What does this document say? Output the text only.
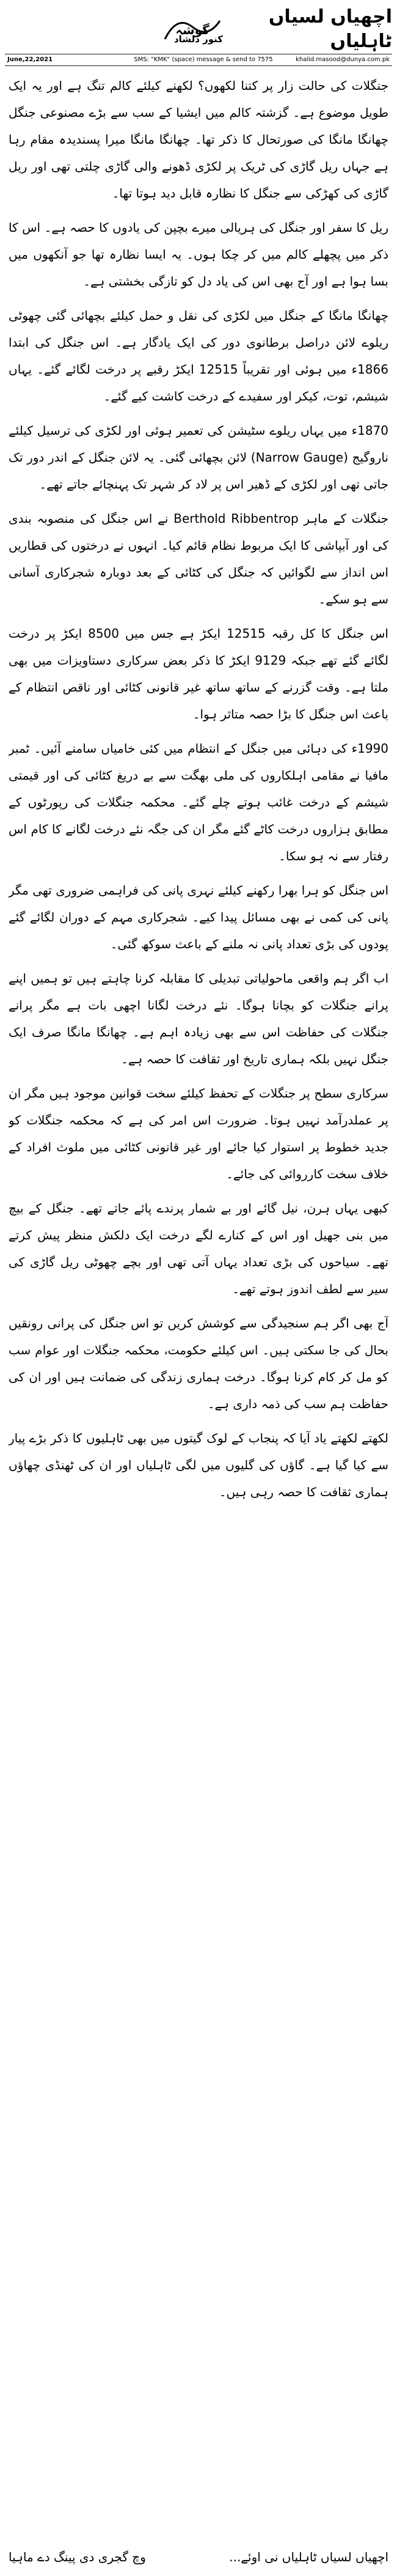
اچھیاں لسیاں ٹاہلیاں
گوشہ
کنور دلشاد
June,22,2021	SMS: "KMK" (space) message & send to 7575	khalid.masood@dunya.com.pk

جنگلات کی حالت زار پر کتنا لکھوں؟ لکھنے کیلئے کالم تنگ ہے اور یہ ایک طویل موضوع ہے۔ گزشتہ کالم میں ایشیا کے سب سے بڑے مصنوعی جنگل چھانگا مانگا کی صورتحال کا ذکر تھا۔ چھانگا مانگا میرا پسندیدہ مقام رہا ہے جہاں ریل گاڑی کی ٹریک پر لکڑی ڈھونے والی گاڑی چلتی تھی اور ریل گاڑی کی کھڑکی سے جنگل کا نظارہ قابل دید ہوتا تھا۔

ریل کا سفر اور جنگل کی ہریالی میرے بچپن کی یادوں کا حصہ ہے۔ اس کا ذکر میں پچھلے کالم میں کر چکا ہوں۔ یہ ایسا نظارہ تھا جو آنکھوں میں بسا ہوا ہے اور آج بھی اس کی یاد دل کو تازگی بخشتی ہے۔

چھانگا مانگا کے جنگل میں لکڑی کی نقل و حمل کیلئے بچھائی گئی چھوٹی ریلوے لائن دراصل برطانوی دور کی ایک یادگار ہے۔ اس جنگل کی ابتدا 1866ء میں ہوئی اور تقریباً 12515 ایکڑ رقبے پر درخت لگائے گئے۔ یہاں شیشم، توت، کیکر اور سفیدے کے درخت کاشت کیے گئے۔

1870ء میں یہاں ریلوے سٹیشن کی تعمیر ہوئی اور لکڑی کی ترسیل کیلئے ناروگیج (Narrow Gauge) لائن بچھائی گئی۔ یہ لائن جنگل کے اندر دور تک جاتی تھی اور لکڑی کے ڈھیر اس پر لاد کر شہر تک پہنچائے جاتے تھے۔

جنگلات کے ماہر Berthold Ribbentrop نے اس جنگل کی منصوبہ بندی کی اور آبپاشی کا ایک مربوط نظام قائم کیا۔ انہوں نے درختوں کی قطاریں اس انداز سے لگوائیں کہ جنگل کی کٹائی کے بعد دوبارہ شجرکاری آسانی سے ہو سکے۔

اس جنگل کا کل رقبہ 12515 ایکڑ ہے جس میں 8500 ایکڑ پر درخت لگائے گئے تھے جبکہ 9129 ایکڑ کا ذکر بعض سرکاری دستاویزات میں بھی ملتا ہے۔ وقت گزرنے کے ساتھ ساتھ غیر قانونی کٹائی اور ناقص انتظام کے باعث اس جنگل کا بڑا حصہ متاثر ہوا۔

1990ء کی دہائی میں جنگل کے انتظام میں کئی خامیاں سامنے آئیں۔ ٹمبر مافیا نے مقامی اہلکاروں کی ملی بھگت سے بے دریغ کٹائی کی اور قیمتی شیشم کے درخت غائب ہوتے چلے گئے۔ محکمہ جنگلات کی رپورٹوں کے مطابق ہزاروں درخت کاٹے گئے مگر ان کی جگہ نئے درخت لگانے کا کام اس رفتار سے نہ ہو سکا۔

اس جنگل کو ہرا بھرا رکھنے کیلئے نہری پانی کی فراہمی ضروری تھی مگر پانی کی کمی نے بھی مسائل پیدا کیے۔ شجرکاری مہم کے دوران لگائے گئے پودوں کی بڑی تعداد پانی نہ ملنے کے باعث سوکھ گئی۔

اب اگر ہم واقعی ماحولیاتی تبدیلی کا مقابلہ کرنا چاہتے ہیں تو ہمیں اپنے پرانے جنگلات کو بچانا ہوگا۔ نئے درخت لگانا اچھی بات ہے مگر پرانے جنگلات کی حفاظت اس سے بھی زیادہ اہم ہے۔ چھانگا مانگا صرف ایک جنگل نہیں بلکہ ہماری تاریخ اور ثقافت کا حصہ ہے۔

سرکاری سطح پر جنگلات کے تحفظ کیلئے سخت قوانین موجود ہیں مگر ان پر عملدرآمد نہیں ہوتا۔ ضرورت اس امر کی ہے کہ محکمہ جنگلات کو جدید خطوط پر استوار کیا جائے اور غیر قانونی کٹائی میں ملوث افراد کے خلاف سخت کارروائی کی جائے۔

کبھی یہاں ہرن، نیل گائے اور بے شمار پرندے پائے جاتے تھے۔ جنگل کے بیچ میں بنی جھیل اور اس کے کنارے لگے درخت ایک دلکش منظر پیش کرتے تھے۔ سیاحوں کی بڑی تعداد یہاں آتی تھی اور بچے چھوٹی ریل گاڑی کی سیر سے لطف اندوز ہوتے تھے۔

آج بھی اگر ہم سنجیدگی سے کوشش کریں تو اس جنگل کی پرانی رونقیں بحال کی جا سکتی ہیں۔ اس کیلئے حکومت، محکمہ جنگلات اور عوام سب کو مل کر کام کرنا ہوگا۔ درخت ہماری زندگی کی ضمانت ہیں اور ان کی حفاظت ہم سب کی ذمہ داری ہے۔

لکھتے لکھتے یاد آیا کہ پنجاب کے لوک گیتوں میں بھی ٹاہلیوں کا ذکر بڑے پیار سے کیا گیا ہے۔ گاؤں کی گلیوں میں لگی ٹاہلیاں اور ان کی ٹھنڈی چھاؤں ہماری ثقافت کا حصہ رہی ہیں۔

اچھیاں لسیاں ٹاہلیاں نی اوئے...
وچ گجری دی پینگ دے ماہیا
